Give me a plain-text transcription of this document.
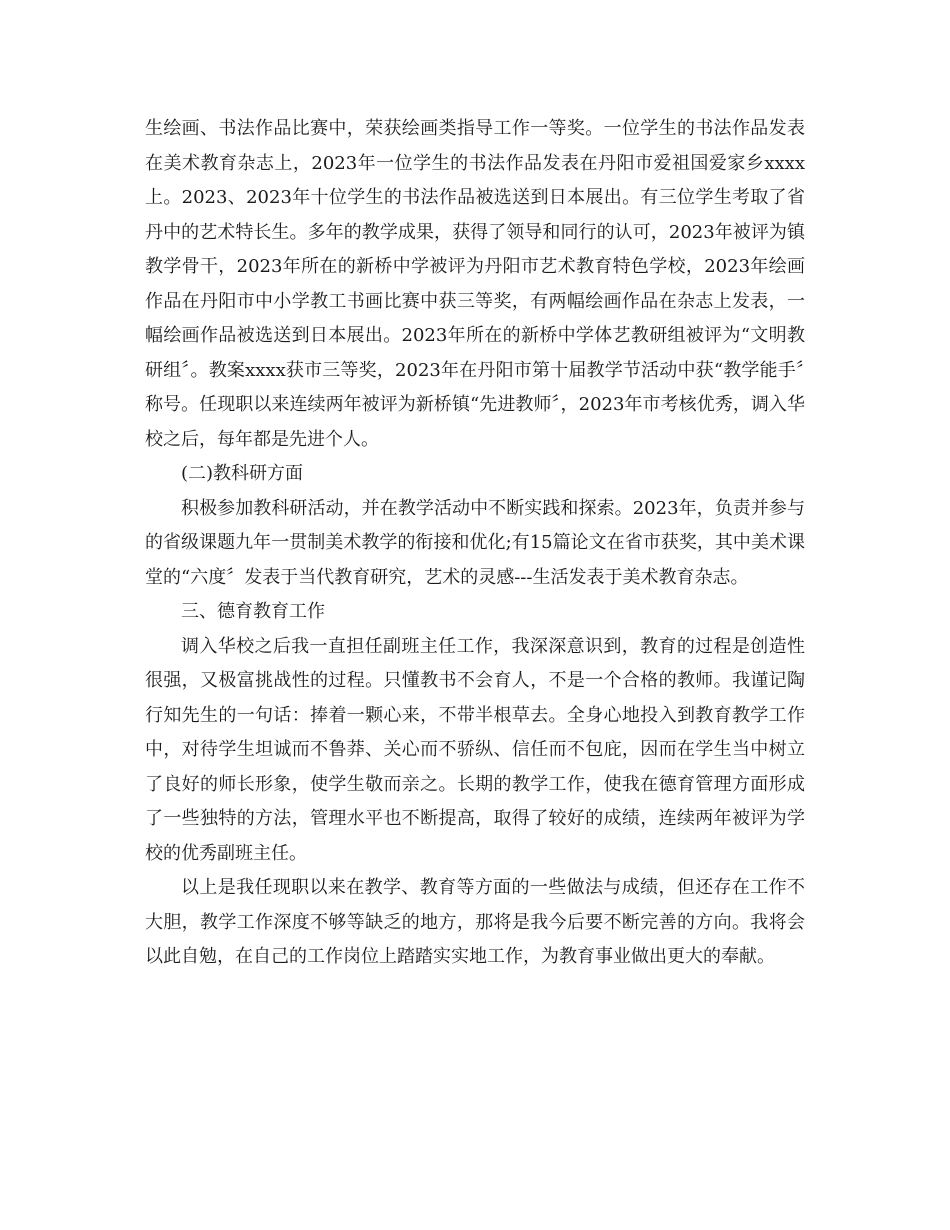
生绘画、书法作品比赛中，荣获绘画类指导工作一等奖。一位学生的书法作品发表在美术教育杂志上，2023年一位学生的书法作品发表在丹阳市爱祖国爱家乡xxxx上。2023、2023年十位学生的书法作品被选送到日本展出。有三位学生考取了省丹中的艺术特长生。多年的教学成果，获得了领导和同行的认可，2023年被评为镇教学骨干，2023年所在的新桥中学被评为丹阳市艺术教育特色学校，2023年绘画作品在丹阳市中小学教工书画比赛中获三等奖，有两幅绘画作品在杂志上发表，一幅绘画作品被选送到日本展出。2023年所在的新桥中学体艺教研组被评为“文明教研组〞。教案xxxx获市三等奖，2023年在丹阳市第十届教学节活动中获“教学能手〞称号。任现职以来连续两年被评为新桥镇“先进教师〞，2023年市考核优秀，调入华校之后，每年都是先进个人。

(二)教科研方面

积极参加教科研活动，并在教学活动中不断实践和探索。2023年，负责并参与的省级课题九年一贯制美术教学的衔接和优化;有15篇论文在省市获奖，其中美术课堂的“六度〞发表于当代教育研究，艺术的灵感---生活发表于美术教育杂志。

三、德育教育工作

调入华校之后我一直担任副班主任工作，我深深意识到，教育的过程是创造性很强，又极富挑战性的过程。只懂教书不会育人，不是一个合格的教师。我谨记陶行知先生的一句话：捧着一颗心来，不带半根草去。全身心地投入到教育教学工作中，对待学生坦诚而不鲁莽、关心而不骄纵、信任而不包庇，因而在学生当中树立了良好的师长形象，使学生敬而亲之。长期的教学工作，使我在德育管理方面形成了一些独特的方法，管理水平也不断提高，取得了较好的成绩，连续两年被评为学校的优秀副班主任。

以上是我任现职以来在教学、教育等方面的一些做法与成绩，但还存在工作不大胆，教学工作深度不够等缺乏的地方，那将是我今后要不断完善的方向。我将会以此自勉，在自己的工作岗位上踏踏实实地工作，为教育事业做出更大的奉献。
